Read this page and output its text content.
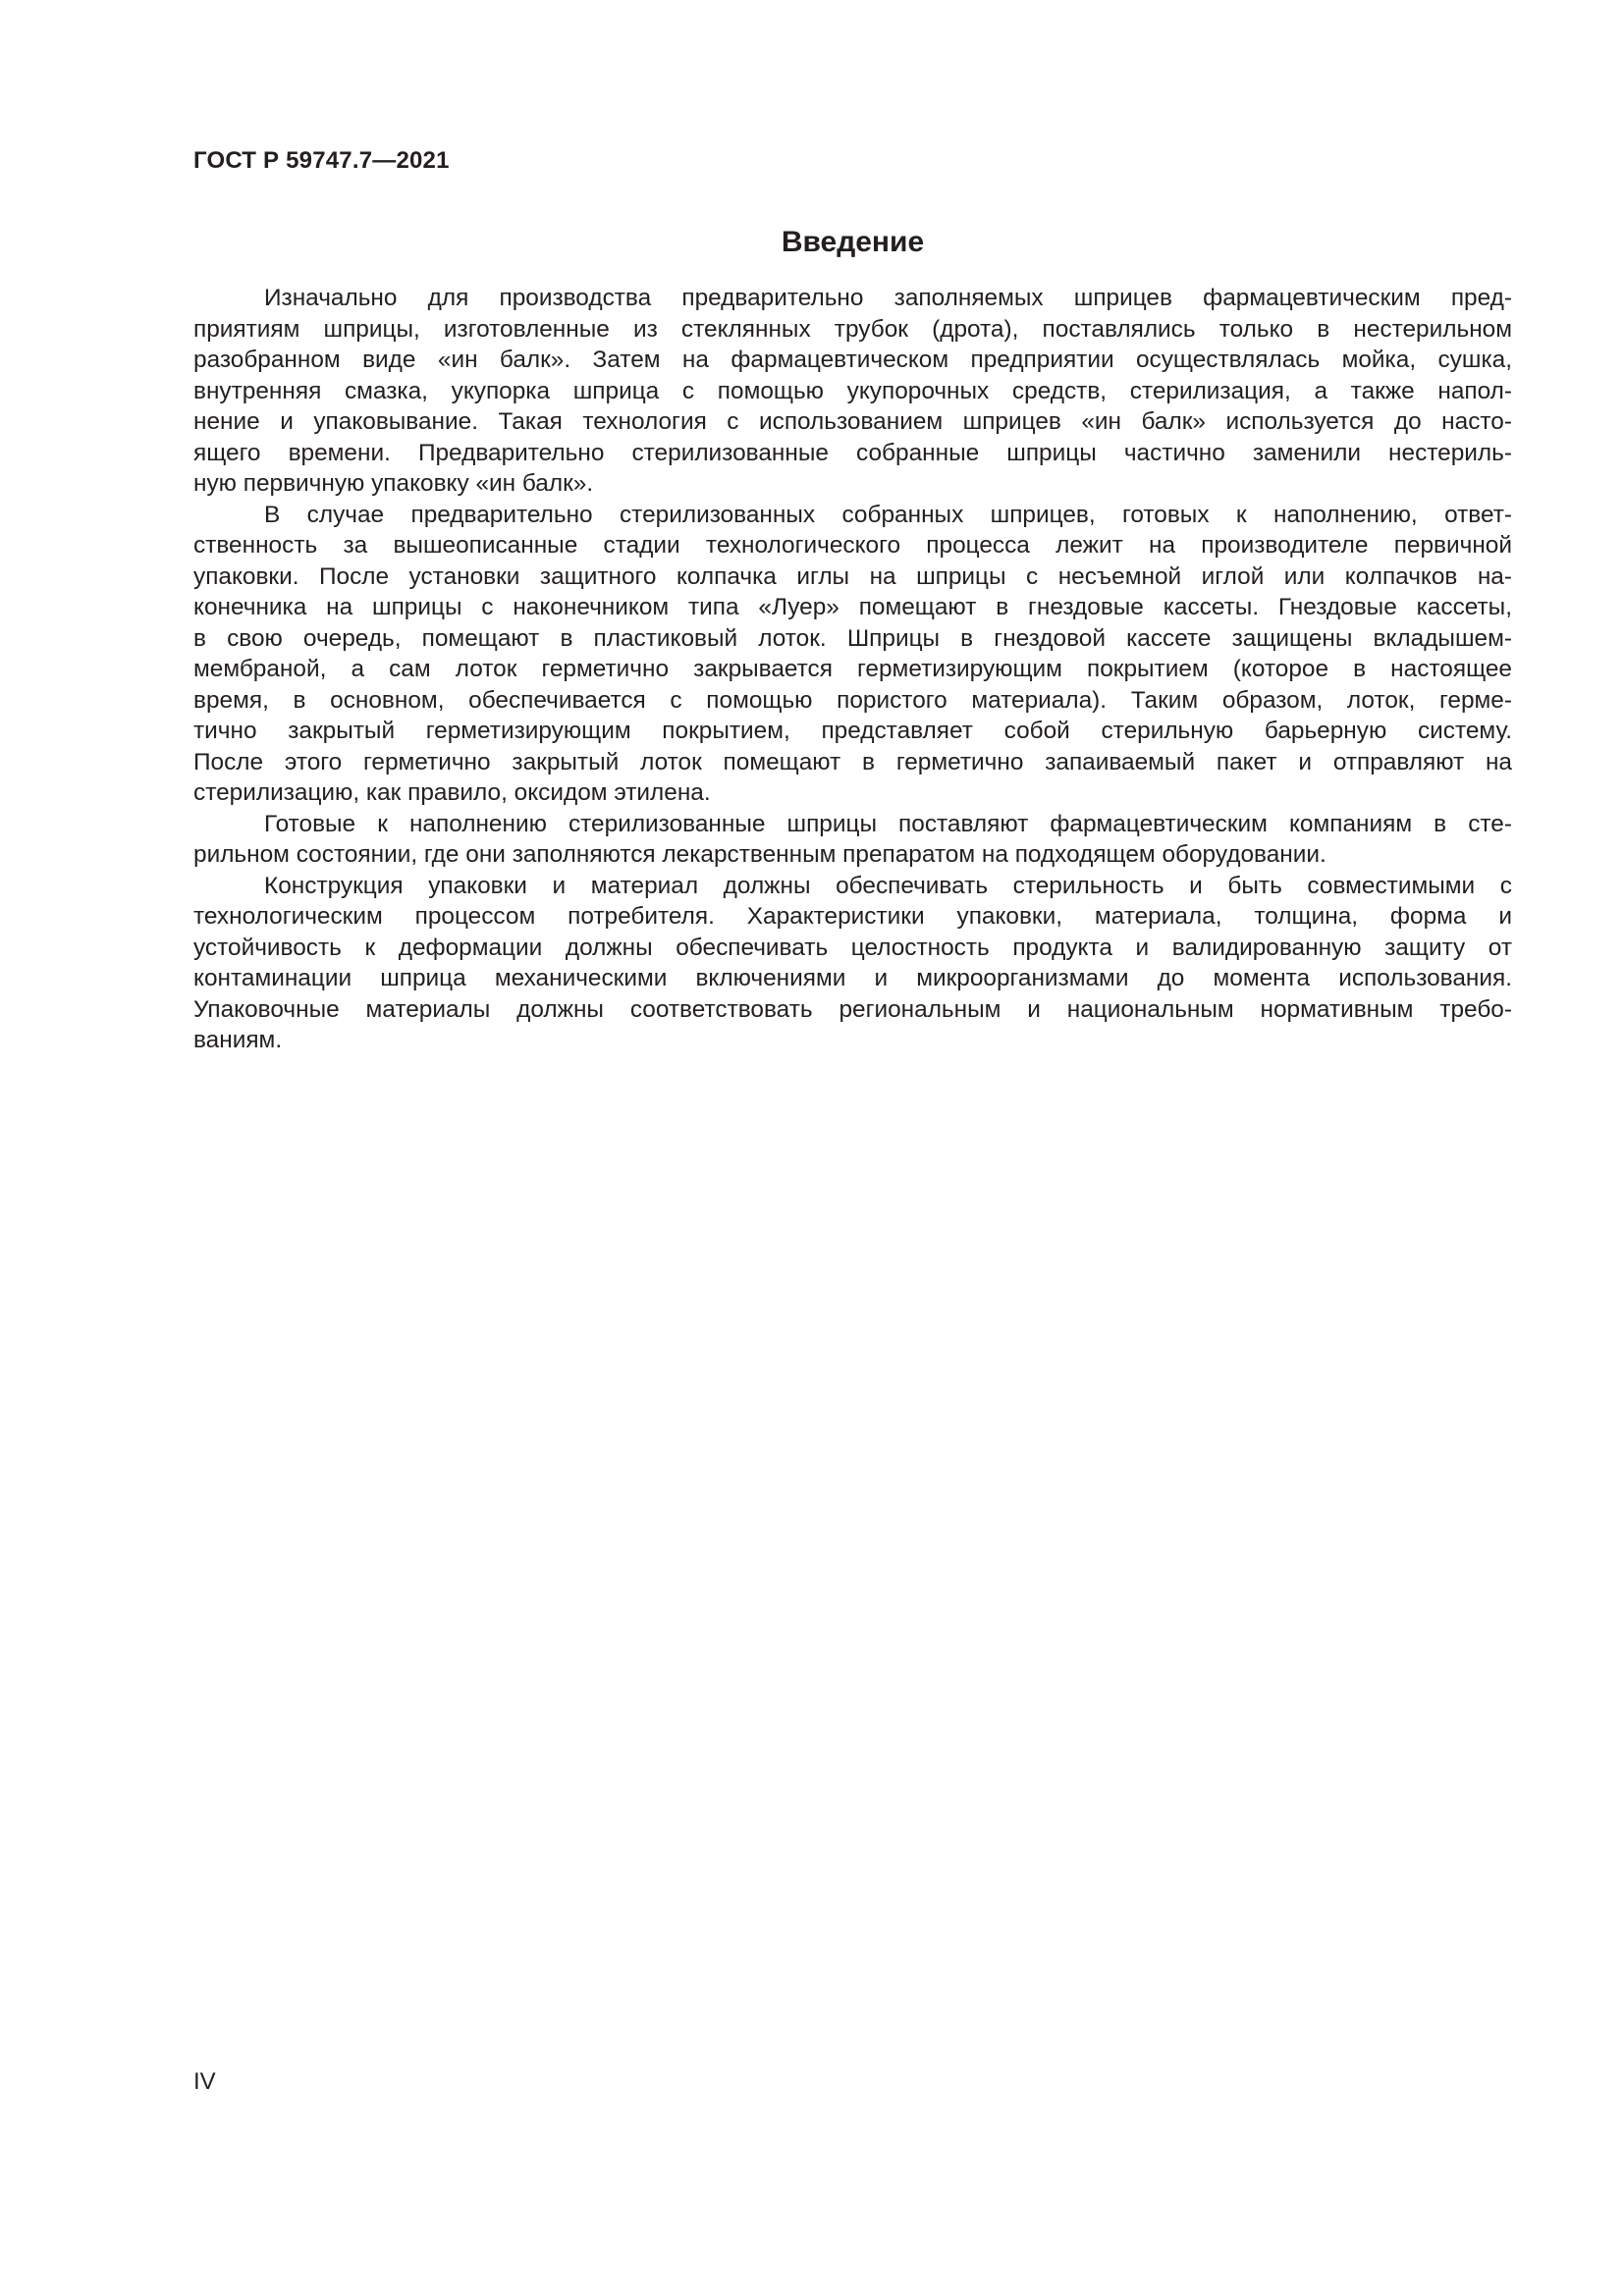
ГОСТ Р 59747.7—2021
Введение
Изначально для производства предварительно заполняемых шприцев фармацевтическим пред-
приятиям шприцы, изготовленные из стеклянных трубок (дрота), поставлялись только в нестерильном
разобранном виде «ин балк». Затем на фармацевтическом предприятии осуществлялась мойка, сушка,
внутренняя смазка, укупорка шприца с помощью укупорочных средств, стерилизация, а также напол-
нение и упаковывание. Такая технология с использованием шприцев «ин балк» используется до насто-
ящего времени. Предварительно стерилизованные собранные шприцы частично заменили нестериль-
ную первичную упаковку «ин балк».
В случае предварительно стерилизованных собранных шприцев, готовых к наполнению, ответ-
ственность за вышеописанные стадии технологического процесса лежит на производителе первичной
упаковки. После установки защитного колпачка иглы на шприцы с несъемной иглой или колпачков на-
конечника на шприцы с наконечником типа «Луер» помещают в гнездовые кассеты. Гнездовые кассеты,
в свою очередь, помещают в пластиковый лоток. Шприцы в гнездовой кассете защищены вкладышем-
мембраной, а сам лоток герметично закрывается герметизирующим покрытием (которое в настоящее
время, в основном, обеспечивается с помощью пористого материала). Таким образом, лоток, герме-
тично закрытый герметизирующим покрытием, представляет собой стерильную барьерную систему.
После этого герметично закрытый лоток помещают в герметично запаиваемый пакет и отправляют на
стерилизацию, как правило, оксидом этилена.
Готовые к наполнению стерилизованные шприцы поставляют фармацевтическим компаниям в сте-
рильном состоянии, где они заполняются лекарственным препаратом на подходящем оборудовании.
Конструкция упаковки и материал должны обеспечивать стерильность и быть совместимыми с
технологическим процессом потребителя. Характеристики упаковки, материала, толщина, форма и
устойчивость к деформации должны обеспечивать целостность продукта и валидированную защиту от
контаминации шприца механическими включениями и микроорганизмами до момента использования.
Упаковочные материалы должны соответствовать региональным и национальным нормативным требо-
ваниям.
IV
